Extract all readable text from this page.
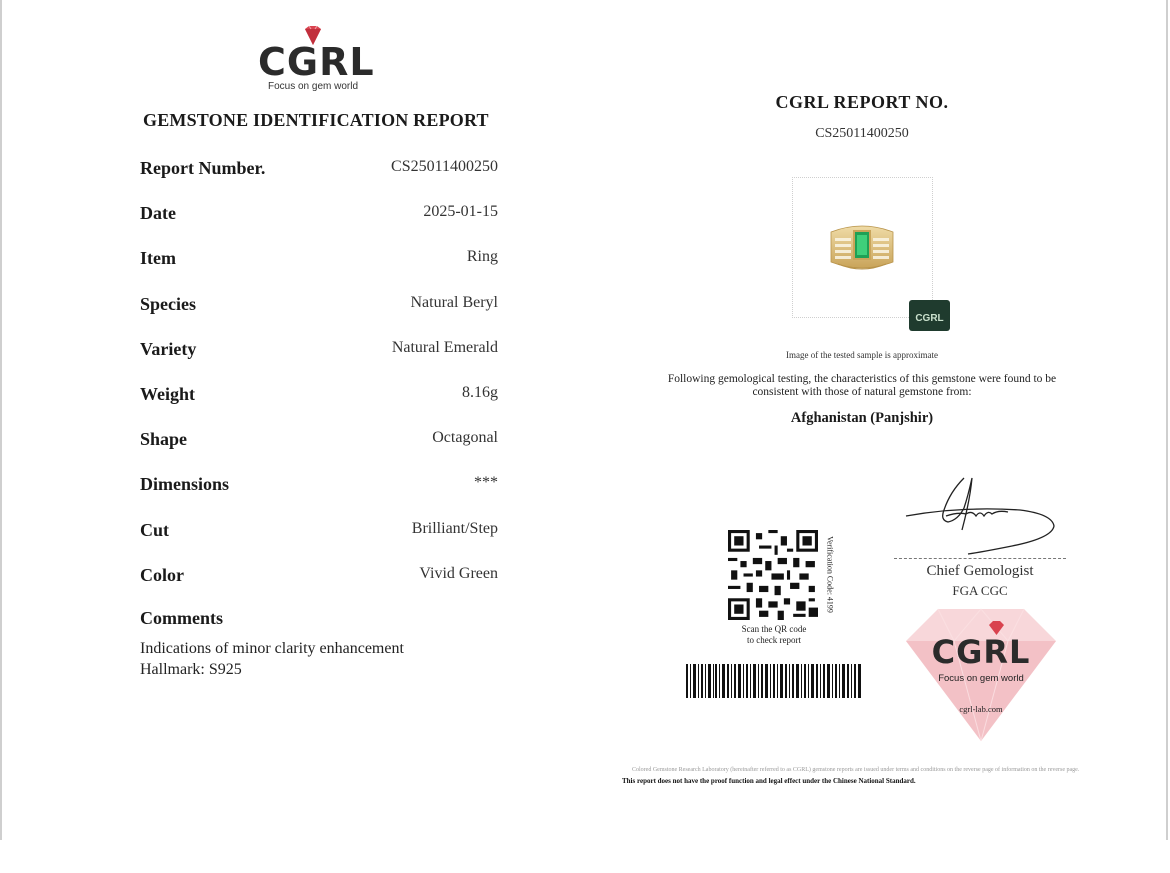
CGRL
Focus on gem world
GEMSTONE IDENTIFICATION REPORT
Report Number.	CS25011400250
Date	2025-01-15
Item	Ring
Species	Natural Beryl
Variety	Natural Emerald
Weight	8.16g
Shape	Octagonal
Dimensions	***
Cut	Brilliant/Step
Color	Vivid Green
Comments
Indications of minor clarity enhancement
Hallmark: S925
CGRL REPORT NO.
CS25011400250
CGRL
Image of the tested sample is approximate
Following gemological testing, the characteristics of this gemstone were found to be consistent with those of natural gemstone from:
Afghanistan (Panjshir)
Verification Code: 4199
Scan the QR code
to check report
Chief Gemologist
FGA CGC
CGRL
Focus on gem world
cgrl-lab.com
Colored Gemstone Research Laboratory (hereinafter referred to as CGRL) gemstone reports are issued under terms and conditions on the reverse page of information on the reverse page.
This report does not have the proof function and legal effect under the Chinese National Standard.
